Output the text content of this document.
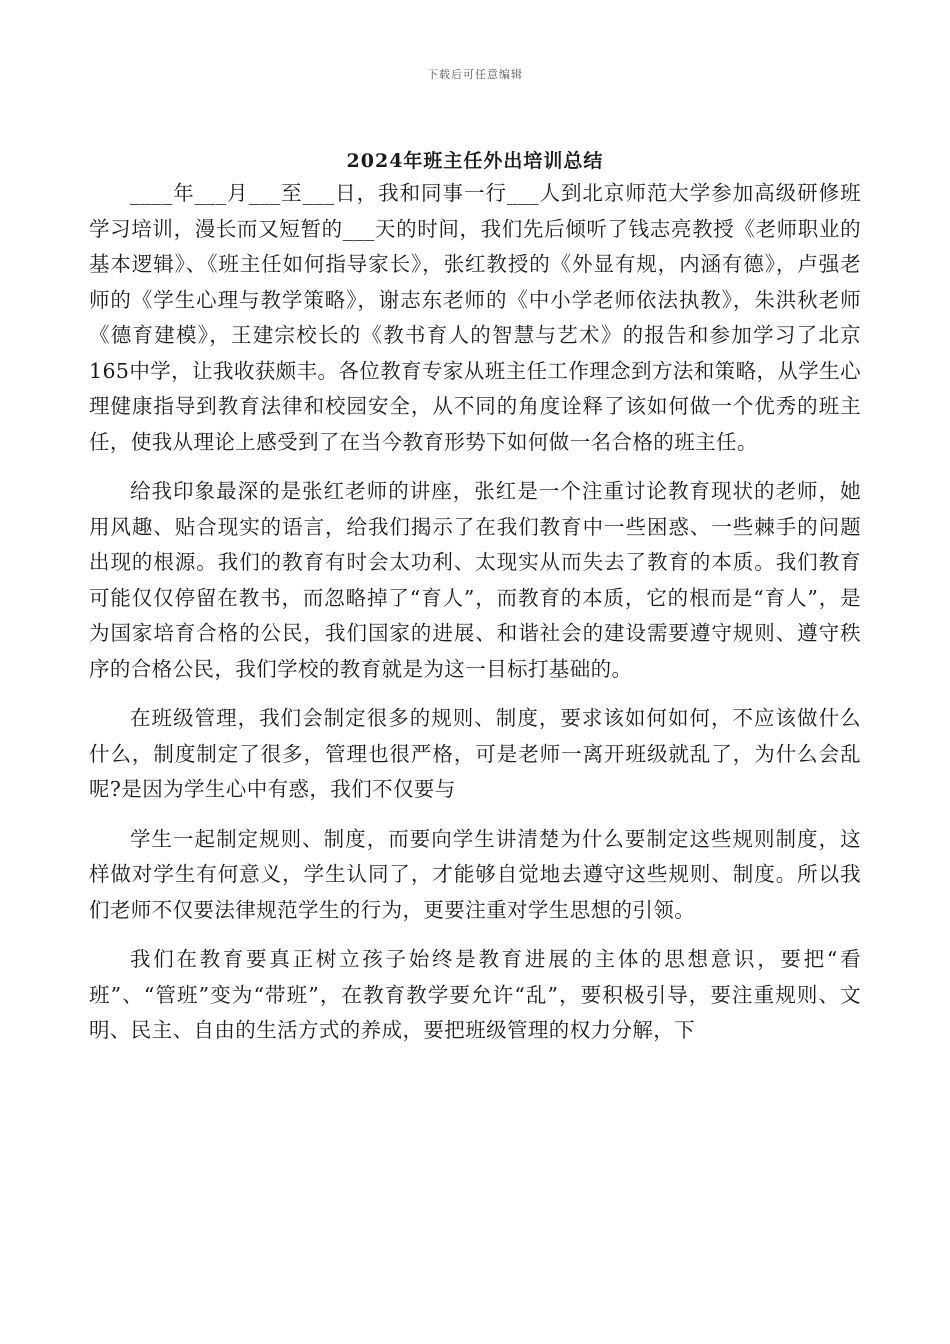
下载后可任意编辑
2024年班主任外出培训总结

____年___月___至___日，我和同事一行___人到北京师范大学参加高级研修班学习培训，漫长而又短暂的___天的时间，我们先后倾听了钱志亮教授《老师职业的基本逻辑》、《班主任如何指导家长》，张红教授的《外显有规，内涵有德》，卢强老师的《学生心理与教学策略》，谢志东老师的《中小学老师依法执教》，朱洪秋老师《德育建模》，王建宗校长的《教书育人的智慧与艺术》的报告和参加学习了北京165中学，让我收获颇丰。各位教育专家从班主任工作理念到方法和策略，从学生心理健康指导到教育法律和校园安全，从不同的角度诠释了该如何做一个优秀的班主任，使我从理论上感受到了在当今教育形势下如何做一名合格的班主任。

给我印象最深的是张红老师的讲座，张红是一个注重讨论教育现状的老师，她用风趣、贴合现实的语言，给我们揭示了在我们教育中一些困惑、一些棘手的问题出现的根源。我们的教育有时会太功利、太现实从而失去了教育的本质。我们教育可能仅仅停留在教书，而忽略掉了“育人”，而教育的本质，它的根而是“育人”，是为国家培育合格的公民，我们国家的进展、和谐社会的建设需要遵守规则、遵守秩序的合格公民，我们学校的教育就是为这一目标打基础的。

在班级管理，我们会制定很多的规则、制度，要求该如何如何，不应该做什么什么，制度制定了很多，管理也很严格，可是老师一离开班级就乱了，为什么会乱呢?是因为学生心中有惑，我们不仅要与

学生一起制定规则、制度，而要向学生讲清楚为什么要制定这些规则制度，这样做对学生有何意义，学生认同了，才能够自觉地去遵守这些规则、制度。所以我们老师不仅要法律规范学生的行为，更要注重对学生思想的引领。

我们在教育要真正树立孩子始终是教育进展的主体的思想意识，要把“看班”、“管班”变为“带班”，在教育教学要允许“乱”，要积极引导，要注重规则、文明、民主、自由的生活方式的养成，要把班级管理的权力分解，下
